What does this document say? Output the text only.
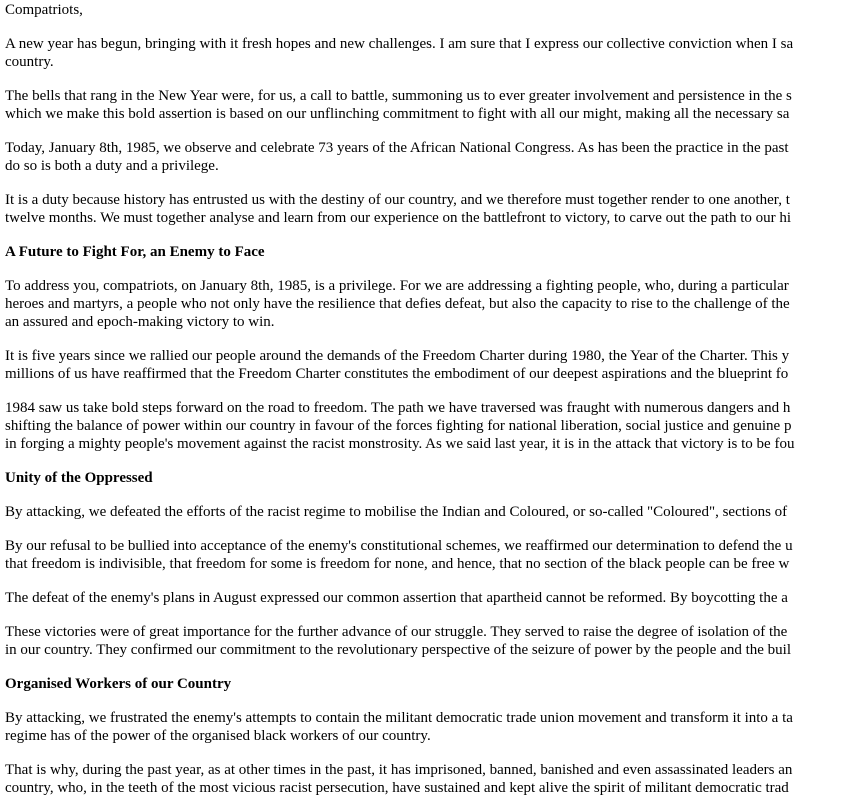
Compatriots,

A new year has begun, bringing with it fresh hopes and new challenges. I am sure that I express our collective conviction when I sa
country.

The bells that rang in the New Year were, for us, a call to battle, summoning us to ever greater involvement and persistence in the s
which we make this bold assertion is based on our unflinching commitment to fight with all our might, making all the necessary sa

Today, January 8th, 1985, we observe and celebrate 73 years of the African National Congress. As has been the practice in the past
do so is both a duty and a privilege.

It is a duty because history has entrusted us with the destiny of our country, and we therefore must together render to one another, t
twelve months. We must together analyse and learn from our experience on the battlefront to victory, to carve out the path to our hi

A Future to Fight For, an Enemy to Face

To address you, compatriots, on January 8th, 1985, is a privilege. For we are addressing a fighting people, who, during a particular
heroes and martyrs, a people who not only have the resilience that defies defeat, but also the capacity to rise to the challenge of the
an assured and epoch-making victory to win.

It is five years since we rallied our people around the demands of the Freedom Charter during 1980, the Year of the Charter. This y
millions of us have reaffirmed that the Freedom Charter constitutes the embodiment of our deepest aspirations and the blueprint fo

1984 saw us take bold steps forward on the road to freedom. The path we have traversed was fraught with numerous dangers and h
shifting the balance of power within our country in favour of the forces fighting for national liberation, social justice and genuine p
in forging a mighty people's movement against the racist monstrosity. As we said last year, it is in the attack that victory is to be fou

Unity of the Oppressed

By attacking, we defeated the efforts of the racist regime to mobilise the Indian and Coloured, or so-called "Coloured", sections of

By our refusal to be bullied into acceptance of the enemy's constitutional schemes, we reaffirmed our determination to defend the u
that freedom is indivisible, that freedom for some is freedom for none, and hence, that no section of the black people can be free w

The defeat of the enemy's plans in August expressed our common assertion that apartheid cannot be reformed. By boycotting the a

These victories were of great importance for the further advance of our struggle. They served to raise the degree of isolation of the
in our country. They confirmed our commitment to the revolutionary perspective of the seizure of power by the people and the buil

Organised Workers of our Country

By attacking, we frustrated the enemy's attempts to contain the militant democratic trade union movement and transform it into a ta
regime has of the power of the organised black workers of our country.

That is why, during the past year, as at other times in the past, it has imprisoned, banned, banished and even assassinated leaders an
country, who, in the teeth of the most vicious racist persecution, have sustained and kept alive the spirit of militant democratic trad
